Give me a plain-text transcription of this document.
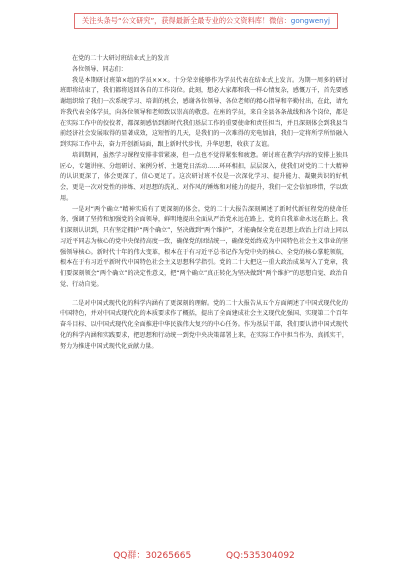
关注头条号“公文研究”，获得最新全最专业的公文资料库！微信：gongwenyj

在党的二十大研讨班结业式上的发言

各位领导、同志们：

我是本期研讨班第×组的学员×××。十分荣幸能够作为学员代表在结业式上发言。为期一周多的研讨班即将结束了，我们都将返回各自的工作岗位。此刻，想必大家都和我一样心情复杂，感慨万千，首先要感谢组织给了我们一次系统学习、培训的机会，感谢各位领导、各位老师的精心指导和辛勤付出，在此，请允许我代表全体学员，向各位领导和老师致以崇高的敬意。在座的学员，来自全县各条战线和各个岗位，都是在实际工作中的佼佼者，都深刻感悟到新时代我们基层工作的重要使命和责任担当，并且深刻体会到我县当前经济社会发展取得的显著成效，这短暂的几天，是我们的一次难得的充电加油，我们一定将所学所悟融入到实际工作中去，奋力开创新局面，跟上新时代步伐，升华思想，收获了友谊。

培训期间，虽然学习课程安排非常紧凑，但一点也不觉得紧张和疲惫。研讨班在教学内容的安排上独具匠心，专题讲座、分组研讨、案例分析、主题党日活动……环环相扣，层层深入，使我们对党的二十大精神的认识更深了，体会更深了，信心更足了。这次研讨班不仅是一次深化学习、提升能力、凝聚共识的好机会，更是一次对党性的淬炼、对思想的洗礼、对作风的锤炼和对能力的提升，我们一定会倍加珍惜，学以致用。

一是对“两个确立”精神实质有了更深刻的体会。党的二十大报告深刻阐述了新时代新征程党的使命任务，强调了坚持和加强党的全面领导，鲜明地提出全面从严治党永远在路上、党的自我革命永远在路上。我们深刻认识到，只有坚定拥护“两个确立”，坚决做到“两个维护”，才能确保全党在思想上政治上行动上同以习近平同志为核心的党中央保持高度一致，确保党的团结统一，确保党始终成为中国特色社会主义事业的坚强领导核心。新时代十年的伟大变革，根本在于有习近平总书记作为党中央的核心、全党的核心掌舵领航，根本在于有习近平新时代中国特色社会主义思想科学指引。党的二十大把这一重大政治成果写入了党章，我们要深刻领会“两个确立”的决定性意义，把“两个确立”真正转化为坚决做到“两个维护”的思想自觉、政治自觉、行动自觉。

二是对中国式现代化的科学内涵有了更深刻的理解。党的二十大报告从五个方面阐述了中国式现代化的中国特色，并对中国式现代化的本质要求作了概括，提出了全面建成社会主义现代化强国、实现第二个百年奋斗目标、以中国式现代化全面推进中华民族伟大复兴的中心任务。作为基层干部，我们要认清中国式现代化的科学内涵和实践要求，把思想和行动统一到党中央决策部署上来，在实际工作中担当作为、真抓实干，努力为推进中国式现代化贡献力量。

QQ群：30265665	QQ:535304092
